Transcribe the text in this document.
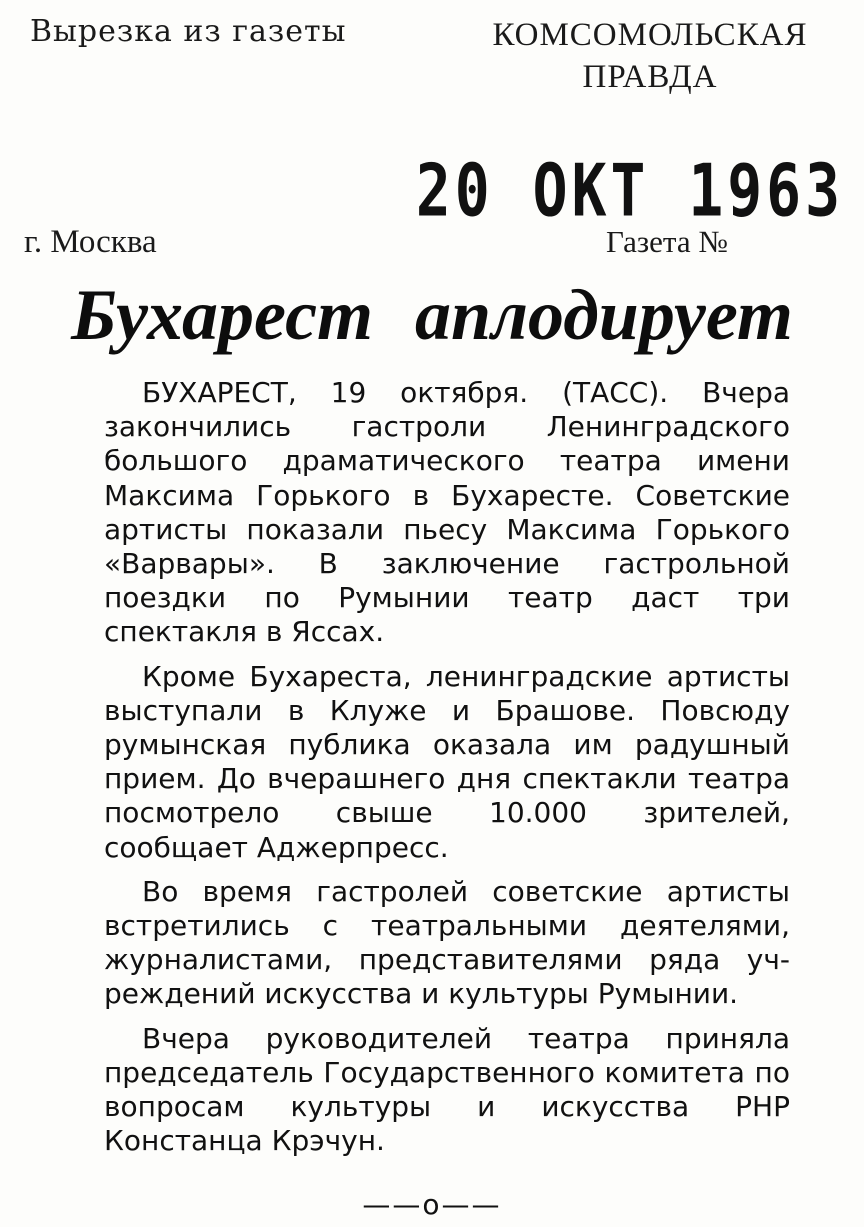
Вырезка из газеты	КОМСОМОЛЬСКАЯ
ПРАВДА
20 ОКТ 1963
г. Москва	Газета №
Бухарест аплодирует

БУХАРЕСТ, 19 октября. (ТАСС). Вчера закончились гастроли Ленинградского большого драматического театра имени Максима Горького в Бухаресте. Советские артисты показали пьесу Максима Горького «Варвары». В заключение гастрольной поездки по Румынии театр даст три спектакля в Яссах.

Кроме Бухареста, ленинградские артисты выступали в Клуже и Брашове. Повсюду румынская публика оказала им радушный прием. До вчерашнего дня спектакли театра посмотрело свыше 10.000 зрителей, сообщает Аджерпресс.

Во время гастролей советские артисты встретились с театральными деятелями, журналистами, представителями ряда учреждений искусства и культуры Румынии.

Вчера руководителей театра приняла председатель Государственного комитета по вопросам культуры и искусства РНР Констанца Крэчун.

——о——
